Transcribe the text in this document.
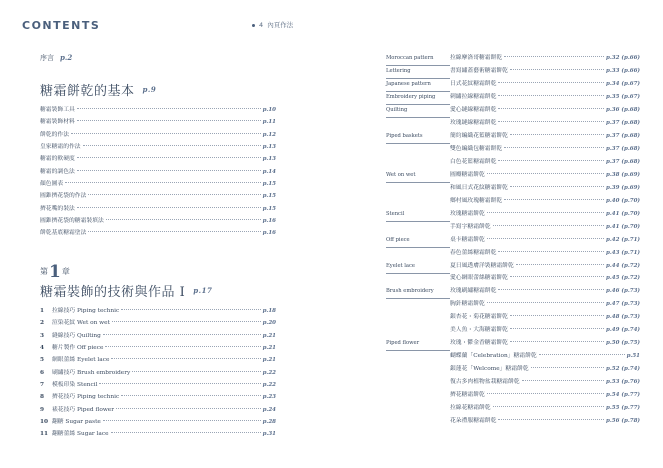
CONTENTS	4 內頁作法
序言 p.2
糖霜餅乾的基本 $^{p.9}$
糖霜裝飾工具	p.10
糖霜裝飾材料	p.11
餅乾的作法	p.12
皇家糖霜的作法	p.13
糖霜的軟硬度	p.13
糖霜的調色法	p.14
顏色圖表	p.15
圓錐擠花袋的作法	p.15
擠花嘴的裝法	p.15
圓錐擠花袋的糖霜裝填法	p.16
餅乾基底糖霜塗法	p.16
第1章
糖霜裝飾的技術與作品 I $^{p.17}$
1	拉線技巧 Piping technic	p.18
2	渲染花紋 Wet on wet	p.20
3	縫線技巧 Quilting	p.21
4	糖片製作 Off piece	p.21
5	網眼蕾絲 Eyelet lace	p.21
6	刷繡技巧 Brush embroidery	p.22
7	模板印染 Stencil	p.22
8	擠花技巧 Piping technic	p.23
9	裱花技巧 Piped flower	p.24
10 翻糖 Sugar paste	p.28
11 翻糖蕾絲 Sugar lace	p.31
Moroccan pattern	拉線摩洛哥糖霜餅乾	p.32 (p.66)
Lettering	書寫繡蓋藝術糖霜餅乾	p.33 (p.66)
Japanese pattern	日式花紋糖霜餅乾	p.34 (p.67)
Embroidery piping	刺繡拉線糖霜餅乾	p.35 (p.67)
Quilting	愛心縫線糖霜餅乾	p.36 (p.68)
玫瑰縫線糖霜餅乾	p.37 (p.68)
Piped baskets	簡約編織花籃糖霜餅乾	p.37 (p.68)
雙色編織包糖霜餅乾	p.37 (p.68)
白色花籃糖霜餅乾	p.37 (p.68)
Wet on wet	圓瓣糖霜餅乾	p.38 (p.69)
和風日式花紋糖霜餅乾	p.39 (p.69)
鄉村風玫瑰糖霜餅乾	p.40 (p.70)
Stencil	玫瑰糖霜餅乾	p.41 (p.70)
手寫字糖霜餅乾	p.41 (p.70)
Off piece	桌卡糖霜餅乾	p.42 (p.71)
春色蕾絲糖霜餅乾	p.43 (p.71)
Eyelet lace	夏日風透膚洋裝糖霜餅乾	p.44 (p.72)
愛心網眼蕾絲糖霜餅乾	p.45 (p.72)
Brush embroidery	玫瑰刷繡糖霜餅乾	p.46 (p.73)
胸針糖霜餅乾	p.47 (p.73)
銀杏花・菊花糖霜餅乾	p.48 (p.73)
美人魚・大海糖霜餅乾	p.49 (p.74)
Piped flower	玫瑰・鬱金香糖霜餅乾	p.50 (p.75)
蝴蝶蘭「Celebration」糖霜餅乾	p.51
銀蓮花「Welcome」糖霜餅乾	p.52 (p.74)
復古多肉植物盆栽糖霜餅乾	p.53 (p.76)
擠花糖霜餅乾	p.54 (p.77)
拉線花糖霜餅乾	p.55 (p.77)
花朵禮服糖霜餅乾	p.56 (p.78)
